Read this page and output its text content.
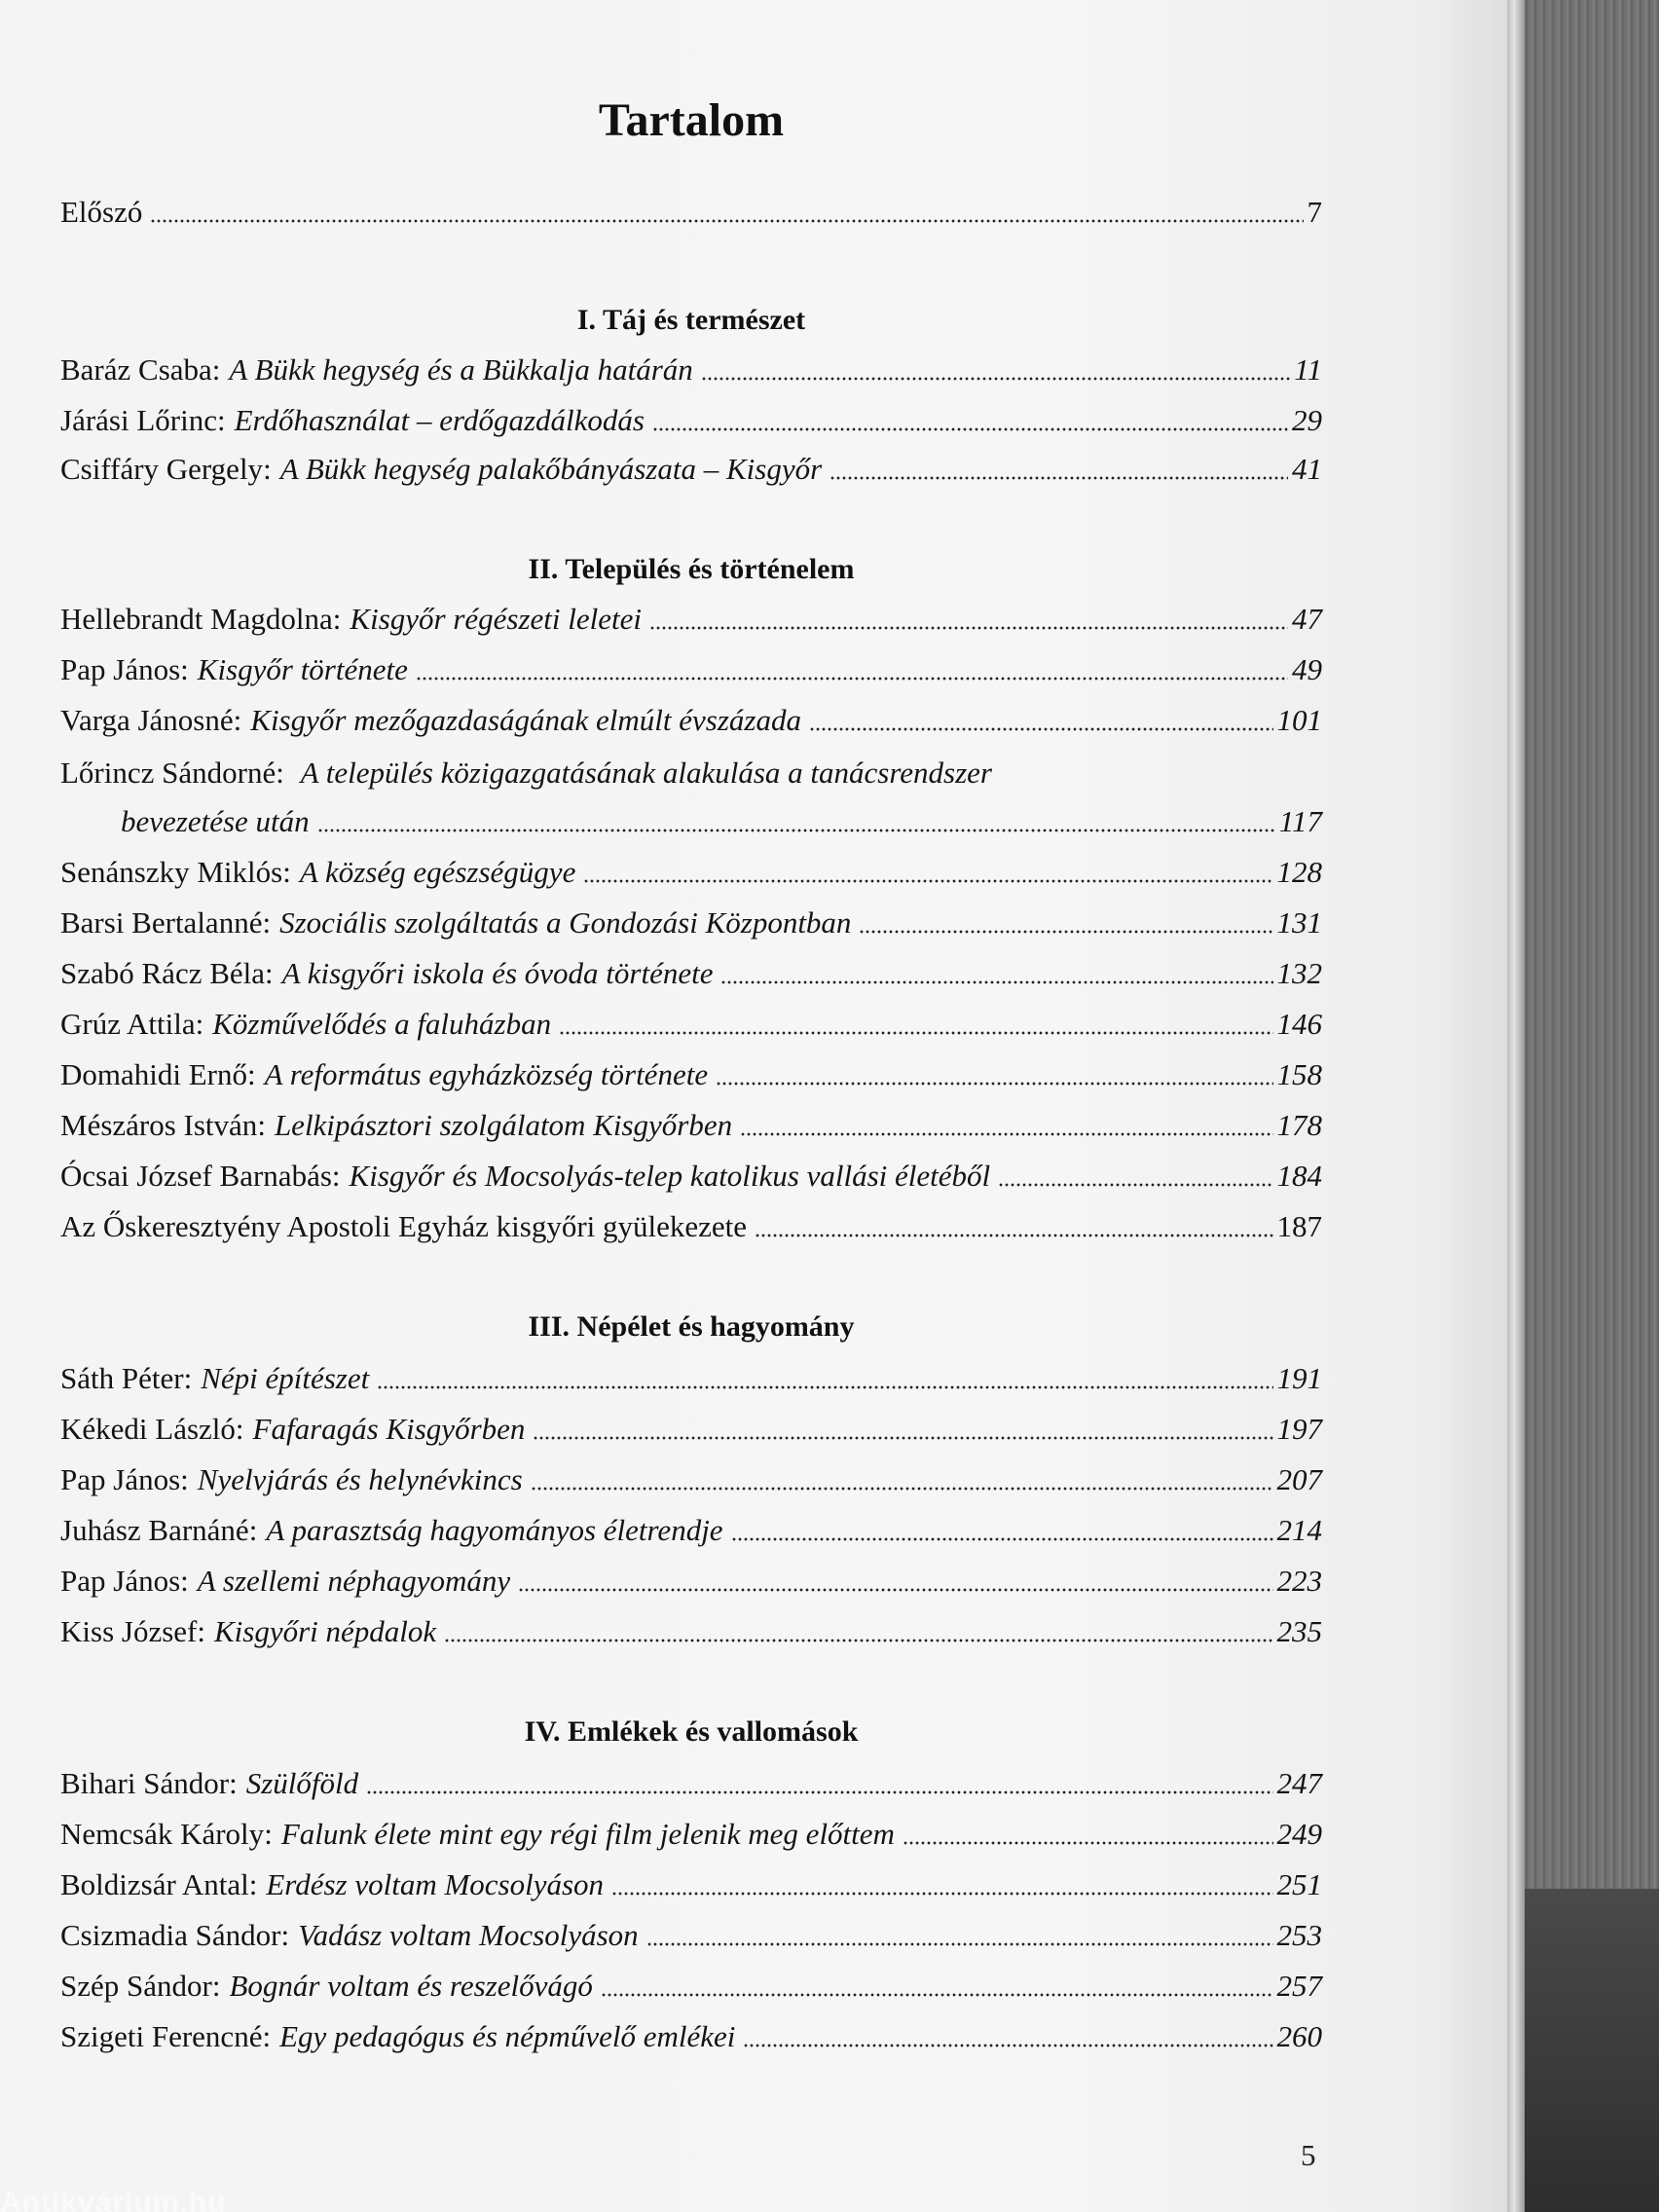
Tartalom
Előszó	7
I. Táj és természet
Baráz Csaba : A Bükk hegység és a Bükkalja határán	11
Járási Lőrinc : Erdőhasználat – erdőgazdálkodás	29
Csiffáry Gergely : A Bükk hegység palakőbányászata – Kisgyőr	41
II. Település és történelem
Hellebrandt Magdolna : Kisgyőr régészeti leletei	47
Pap János : Kisgyőr története	49
Varga Jánosné : Kisgyőr mezőgazdaságának elmúlt évszázada	101
Lőrincz Sándorné: A település közigazgatásának alakulása a tanácsrendszer
bevezetése után	117
Senánszky Miklós : A község egészségügye	128
Barsi Bertalanné : Szociális szolgáltatás a Gondozási Központban	131
Szabó Rácz Béla : A kisgyőri iskola és óvoda története	132
Grúz Attila : Közművelődés a faluházban	146
Domahidi Ernő : A református egyházközség története	158
Mészáros István : Lelkipásztori szolgálatom Kisgyőrben	178
Ócsai József Barnabás : Kisgyőr és Mocsolyás-telep katolikus vallási életéből	184
Az Őskeresztyény Apostoli Egyház kisgyőri gyülekezete	187
III. Népélet és hagyomány
Sáth Péter : Népi építészet	191
Kékedi László : Fafaragás Kisgyőrben	197
Pap János : Nyelvjárás és helynévkincs	207
Juhász Barnáné : A parasztság hagyományos életrendje	214
Pap János : A szellemi néphagyomány	223
Kiss József : Kisgyőri népdalok	235
IV. Emlékek és vallomások
Bihari Sándor : Szülőföld	247
Nemcsák Károly : Falunk élete mint egy régi film jelenik meg előttem	249
Boldizsár Antal : Erdész voltam Mocsolyáson	251
Csizmadia Sándor : Vadász voltam Mocsolyáson	253
Szép Sándor : Bognár voltam és reszelővágó	257
Szigeti Ferencné : Egy pedagógus és népművelő emlékei	260
5
Antikvárium.hu
